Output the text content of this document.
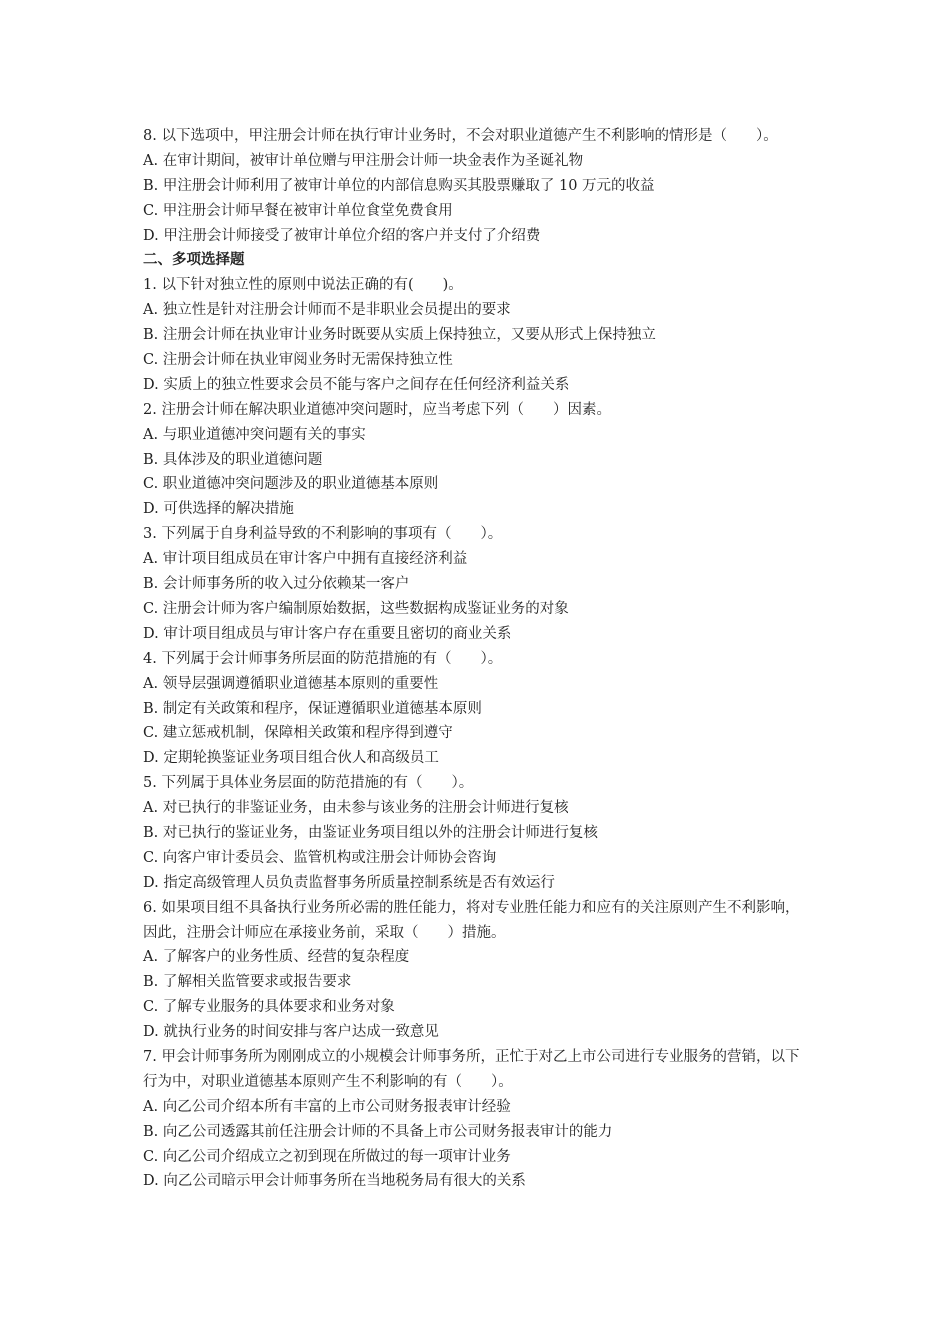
8. 以下选项中，甲注册会计师在执行审计业务时，不会对职业道德产生不利影响的情形是（　　）。
A. 在审计期间，被审计单位赠与甲注册会计师一块金表作为圣诞礼物
B. 甲注册会计师利用了被审计单位的内部信息购买其股票赚取了 10 万元的收益
C. 甲注册会计师早餐在被审计单位食堂免费食用
D. 甲注册会计师接受了被审计单位介绍的客户并支付了介绍费
二、多项选择题
1. 以下针对独立性的原则中说法正确的有(　　)。
A. 独立性是针对注册会计师而不是非职业会员提出的要求
B. 注册会计师在执业审计业务时既要从实质上保持独立，又要从形式上保持独立
C. 注册会计师在执业审阅业务时无需保持独立性
D. 实质上的独立性要求会员不能与客户之间存在任何经济利益关系
2. 注册会计师在解决职业道德冲突问题时，应当考虑下列（　　）因素。
A. 与职业道德冲突问题有关的事实
B. 具体涉及的职业道德问题
C. 职业道德冲突问题涉及的职业道德基本原则
D. 可供选择的解决措施
3. 下列属于自身利益导致的不利影响的事项有（　　）。
A. 审计项目组成员在审计客户中拥有直接经济利益
B. 会计师事务所的收入过分依赖某一客户
C. 注册会计师为客户编制原始数据，这些数据构成鉴证业务的对象
D. 审计项目组成员与审计客户存在重要且密切的商业关系
4. 下列属于会计师事务所层面的防范措施的有（　　）。
A. 领导层强调遵循职业道德基本原则的重要性
B. 制定有关政策和程序，保证遵循职业道德基本原则
C. 建立惩戒机制，保障相关政策和程序得到遵守
D. 定期轮换鉴证业务项目组合伙人和高级员工
5. 下列属于具体业务层面的防范措施的有（　　）。
A. 对已执行的非鉴证业务，由未参与该业务的注册会计师进行复核
B. 对已执行的鉴证业务，由鉴证业务项目组以外的注册会计师进行复核
C. 向客户审计委员会、监管机构或注册会计师协会咨询
D. 指定高级管理人员负责监督事务所质量控制系统是否有效运行
6. 如果项目组不具备执行业务所必需的胜任能力，将对专业胜任能力和应有的关注原则产生不利影响，因此，注册会计师应在承接业务前，采取（　　）措施。
A. 了解客户的业务性质、经营的复杂程度
B. 了解相关监管要求或报告要求
C. 了解专业服务的具体要求和业务对象
D. 就执行业务的时间安排与客户达成一致意见
7. 甲会计师事务所为刚刚成立的小规模会计师事务所，正忙于对乙上市公司进行专业服务的营销，以下行为中，对职业道德基本原则产生不利影响的有（　　）。
A. 向乙公司介绍本所有丰富的上市公司财务报表审计经验
B. 向乙公司透露其前任注册会计师的不具备上市公司财务报表审计的能力
C. 向乙公司介绍成立之初到现在所做过的每一项审计业务
D. 向乙公司暗示甲会计师事务所在当地税务局有很大的关系
